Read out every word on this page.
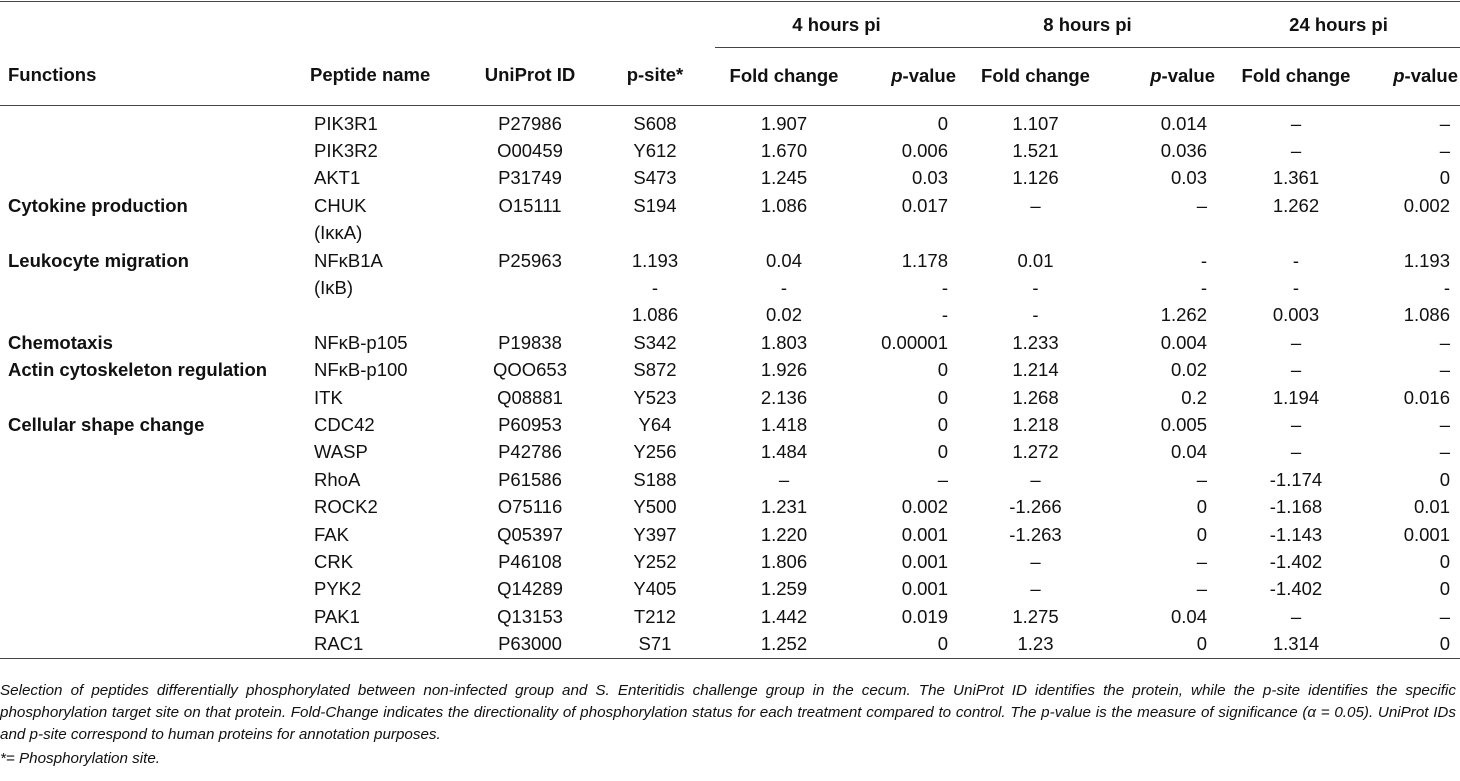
				4 hours pi		8 hours pi		24 hours pi	
Functions	Peptide name	UniProt ID	p-site*	Fold change	p-value	Fold change	p-value	Fold change	p-value
	PIK3R1	P27986	S608	1.907	0	1.107	0.014	–	–
	PIK3R2	O00459	Y612	1.670	0.006	1.521	0.036	–	–
	AKT1	P31749	S473	1.245	0.03	1.126	0.03	1.361	0
Cytokine production	CHUK	O15111	S194	1.086	0.017	–	–	1.262	0.002
	(IκκA)								
Leukocyte migration	NFκB1A	P25963	1.193	0.04	1.178	0.01	-	-	1.193
	(IκB)		-	-	-	-	-	-	-
			1.086	0.02	-	-	1.262	0.003	1.086
Chemotaxis	NFκB-p105	P19838	S342	1.803	0.00001	1.233	0.004	–	–
Actin cytoskeleton regulation	NFκB-p100	QOO653	S872	1.926	0	1.214	0.02	–	–
	ITK	Q08881	Y523	2.136	0	1.268	0.2	1.194	0.016
Cellular shape change	CDC42	P60953	Y64	1.418	0	1.218	0.005	–	–
	WASP	P42786	Y256	1.484	0	1.272	0.04	–	–
	RhoA	P61586	S188	–	–	–	–	-1.174	0
	ROCK2	O75116	Y500	1.231	0.002	-1.266	0	-1.168	0.01
	FAK	Q05397	Y397	1.220	0.001	-1.263	0	-1.143	0.001
	CRK	P46108	Y252	1.806	0.001	–	–	-1.402	0
	PYK2	Q14289	Y405	1.259	0.001	–	–	-1.402	0
	PAK1	Q13153	T212	1.442	0.019	1.275	0.04	–	–
	RAC1	P63000	S71	1.252	0	1.23	0	1.314	0
Selection of peptides differentially phosphorylated between non-infected group and S. Enteritidis challenge group in the cecum. The UniProt ID identifies the protein, while the p-site identifies the specific phosphorylation target site on that protein. Fold-Change indicates the directionality of phosphorylation status for each treatment compared to control. The p-value is the measure of significance (α = 0.05). UniProt IDs and p-site correspond to human proteins for annotation purposes.
*= Phosphorylation site.
